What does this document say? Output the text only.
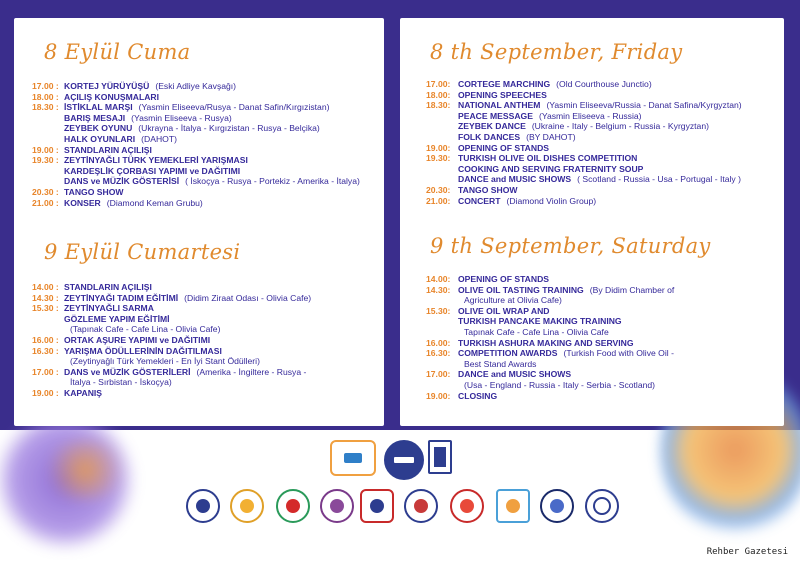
8 Eylül Cuma
17.00 : KORTEJ YÜRÜYÜŞÜ (Eski Adliye Kavşağı)
18.00 : AÇILIŞ KONUŞMALARI
18.30 : İSTİKLAL MARŞI (Yasmin Eliseeva/Rusya - Danat Safin/Kırgızistan)
BARIŞ MESAJI (Yasmin Eliseeva - Rusya)
ZEYBEK OYUNU (Ukrayna - İtalya - Kırgızistan - Rusya - Belçika)
HALK OYUNLARI (DAHOT)
19.00 : STANDLARIN AÇILIŞI
19.30 : ZEYTİNYAĞLI TÜRK YEMEKLERİ YARIŞMASI
KARDEŞLİK ÇORBASI YAPIMI ve DAĞITIMI
DANS ve MÜZİK GÖSTERİSİ ( İskoçya - Rusya - Portekiz - Amerika - İtalya)
20.30 : TANGO SHOW
21.00 : KONSER (Diamond Keman Grubu)
9 Eylül Cumartesi
14.00 : STANDLARIN AÇILIŞI
14.30 : ZEYTİNYAĞI TADIM EĞİTİMİ (Didim Ziraat Odası - Olivia Cafe)
15.30 : ZEYTİNYAĞLI SARMA
GÖZLEME YAPIM EĞİTİMİ
(Tapınak Cafe - Cafe Lina - Olivia Cafe)
16.00 : ORTAK AŞURE YAPIMI ve DAĞITIMI
16.30 : YARIŞMA ÖDÜLLERİNİN DAĞITILMASI
(Zeytinyağlı Türk Yemekleri - En İyi Stant Ödülleri)
17.00 : DANS ve MÜZİK GÖSTERİLERİ (Amerika - İngiltere - Rusya -
İtalya - Sırbistan - İskoçya)
19.00 : KAPANIŞ
8 th September, Friday
17.00: CORTEGE MARCHING (Old Courthouse Junctio)
18.00: OPENING SPEECHES
18.30: NATIONAL ANTHEM (Yasmin Eliseeva/Russia - Danat Safina/Kyrgyztan)
PEACE MESSAGE (Yasmin Eliseeva - Russia)
ZEYBEK DANCE (Ukraine - Italy - Belgium - Russia - Kyrgyztan)
FOLK DANCES (BY DAHOT)
19.00: OPENING OF STANDS
19.30: TURKISH OLIVE OIL DISHES COMPETITION
COOKING AND SERVING FRATERNITY SOUP
DANCE and MUSIC SHOWS ( Scotland - Russia - Usa - Portugal - Italy )
20.30: TANGO SHOW
21.00: CONCERT (Diamond Violin Group)
9 th September, Saturday
14.00: OPENING OF STANDS
14.30: OLIVE OIL TASTING TRAINING (By Didim Chamber of
Agriculture at Olivia Cafe)
15.30: OLIVE OIL WRAP AND
TURKISH PANCAKE MAKING TRAINING
Tapınak Cafe - Cafe Lina - Olivia Cafe
16.00: TURKISH ASHURA MAKING AND SERVING
16.30: COMPETITION AWARDS (Turkish Food with Olive Oil -
Best Stand Awards
17.00: DANCE and MUSIC SHOWS
(Usa - England - Russia - Italy - Serbia - Scotland)
19.00: CLOSING
Rehber Gazetesi
